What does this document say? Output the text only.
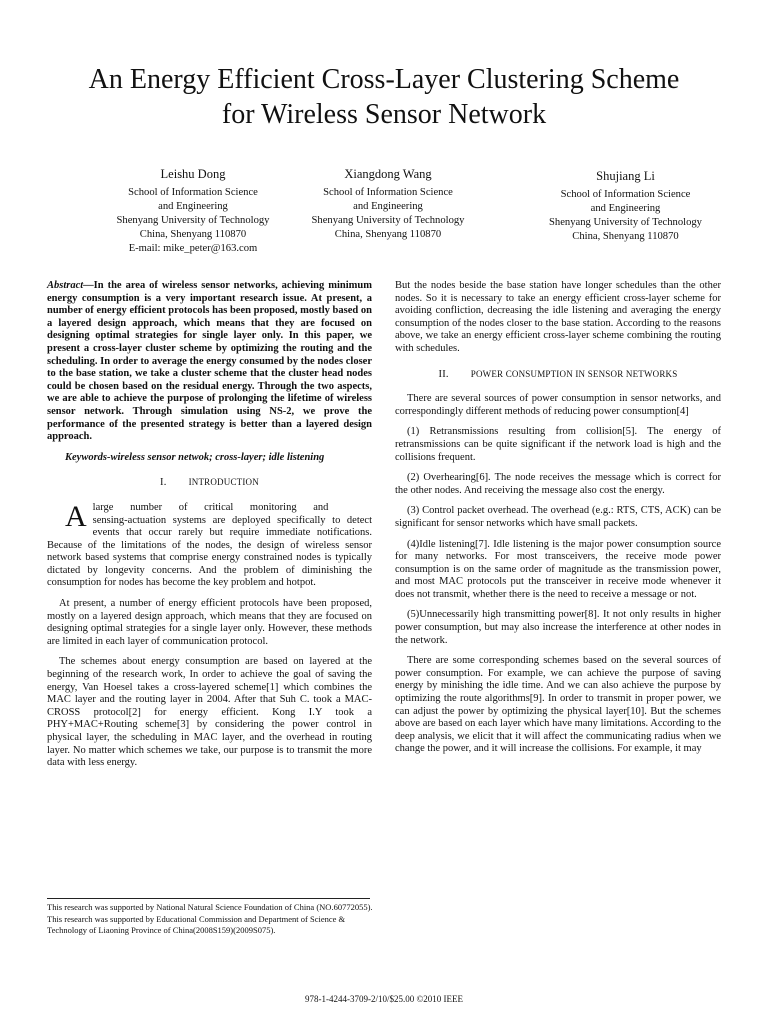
An Energy Efficient Cross-Layer Clustering Scheme
for Wireless Sensor Network
Leishu Dong
School of Information Science
and Engineering
Shenyang University of Technology
China, Shenyang 110870
E-mail: mike_peter@163.com
Xiangdong Wang
School of Information Science
and Engineering
Shenyang University of Technology
China, Shenyang 110870
Shujiang Li
School of Information Science
and Engineering
Shenyang University of Technology
China, Shenyang 110870

Abstract—In the area of wireless sensor networks, achieving minimum energy consumption is a very important research issue. At present, a number of energy efficient protocols has been proposed, mostly based on a layered design approach, which means that they are focused on designing optimal strategies for single layer only. In this paper, we present a cross-layer cluster scheme by optimizing the routing and the scheduling. In order to average the energy consumed by the nodes closer to the base station, we take a cluster scheme that the cluster head nodes could be chosen based on the residual energy. Through the two aspects, we are able to achieve the purpose of prolonging the lifetime of wireless sensor network. Through simulation using NS-2, we prove the performance of the presented strategy is better than a layered design approach.

Keywords-wireless sensor netwok; cross-layer; idle listening

I. INTRODUCTION

Alarge number of critical monitoring and
sensing-actuation systems are deployed specifically to detect events that occur rarely but require immediate notifications. Because of the limitations of the nodes, the design of wireless sensor network based systems that comprise energy constrained nodes is typically dictated by longevity concerns. And the problem of diminishing the consumption for nodes has become the key problem and hotpot.

At present, a number of energy efficient protocols have been proposed, mostly on a layered design approach, which means that they are focused on designing optimal strategies for a single layer only. However, these methods are limited in each layer of communication protocol.

The schemes about energy consumption are based on layered at the beginning of the research work, In order to achieve the goal of saving the energy, Van Hoesel takes a cross-layered scheme[1] which combines the MAC layer and the routing layer in 2004. After that Suh C. took a MAC-CROSS protocol[2] for energy efficient. Kong I.Y took a PHY+MAC+Routing scheme[3] by considering the power control in physical layer, the scheduling in MAC layer, and the overhead in routing layer. No matter which schemes we take, our purpose is to transmit the more data with less energy.

But the nodes beside the base station have longer schedules than the other nodes. So it is necessary to take an energy efficient cross-layer scheme for avoiding confliction, decreasing the idle listening and averaging the energy consumption of the nodes closer to the base station. According to the reasons above, we take an energy efficient cross-layer scheme combining the routing with schedules.

II. POWER CONSUMPTION IN SENSOR NETWORKS

There are several sources of power consumption in sensor networks, and correspondingly different methods of reducing power consumption[4]

(1) Retransmissions resulting from collision[5]. The energy of retransmissions can be quite significant if the network load is high and the collisions frequent.

(2) Overhearing[6]. The node receives the message which is correct for the other nodes. And receiving the message also cost the energy.

(3) Control packet overhead. The overhead (e.g.: RTS, CTS, ACK) can be significant for sensor networks which have small packets.

(4)Idle listening[7]. Idle listening is the major power consumption source for many networks. For most transceivers, the receive mode power consumption is on the same order of magnitude as the transmission power, and most MAC protocols put the transceiver in receive mode whenever it does not transmit, whether there is the need to receive a message or not.

(5)Unnecessarily high transmitting power[8]. It not only results in higher power consumption, but may also increase the interference at other nodes in the network.

There are some corresponding schemes based on the several sources of power consumption. For example, we can achieve the purpose of saving energy by minishing the idle time. And we can also achieve the purpose by optimizing the route algorithms[9]. In order to transmit in proper power, we can adjust the power by optimizing the physical layer[10]. But the schemes above are based on each layer which have many limitations. According to the deep analysis, we elicit that it will affect the communicating radius when we change the power, and it will increase the collisions. For example, it may

This research was supported by National Natural Science Foundation of China (NO.60772055).
This research was supported by Educational Commission and Department of Science & Technology of Liaoning Province of China(2008S159)(2009S075).
978-1-4244-3709-2/10/$25.00 ©2010 IEEE
